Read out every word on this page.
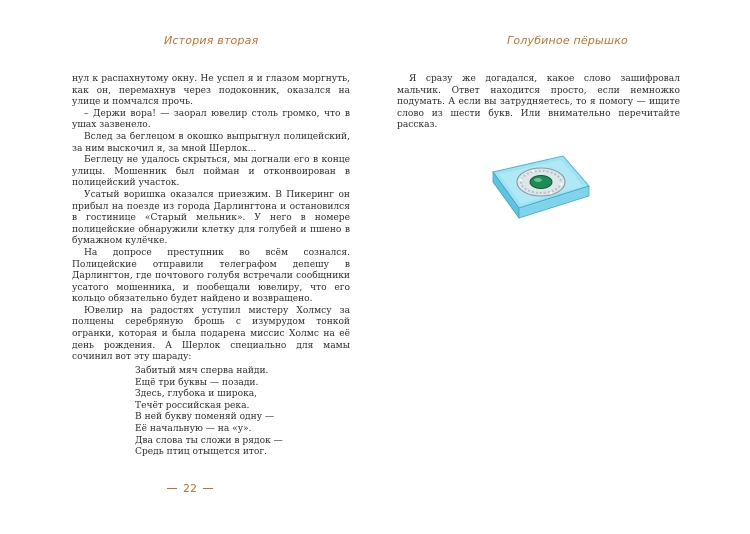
История вторая

нул к распахнутому окну. Не успел я и глазом моргнуть, как он, перемахнув через подоконник, оказался на улице и помчался прочь.

– Держи вора! — заорал ювелир столь громко, что в ушах зазвенело.

Вслед за беглецом в окошко выпрыгнул полицейский, за ним выскочил я, за мной Шерлок...

Беглецу не удалось скрыться, мы догнали его в конце улицы. Мошенник был пойман и отконвоирован в полицейский участок.

Усатый воришка оказался приезжим. В Пикеринг он прибыл на поезде из города Дарлингтона и остановился в гостинице «Старый мельник». У него в номере полицейские обнаружили клетку для голубей и пшено в бумажном кулёчке.

На допросе преступник во всём сознался. Полицейские отправили телеграфом депешу в Дарлингтон, где почтового голубя встречали сообщники усатого мошенника, и пообещали ювелиру, что его кольцо обязательно будет найдено и возвращено.

Ювелир на радостях уступил мистеру Холмсу за полцены серебряную брошь с изумрудом тонкой огранки, которая и была подарена миссис Холмс на её день рождения. А Шерлок специально для мамы сочинил вот эту шараду:

Забитый мяч сперва найди.
Ещё три буквы — позади.
Здесь, глубока и широка,
Течёт российская река.
В ней букву поменяй одну —
Её начальную — на «у».
Два слова ты сложи в рядок —
Средь птиц отыщется итог.
22
Голубиное пёрышко

Я сразу же догадался, какое слово зашифровал мальчик. Ответ находится просто, если немножко подумать. А если вы затрудняетесь, то я помогу — ищите слово из шести букв. Или внимательно перечитайте рассказ.
